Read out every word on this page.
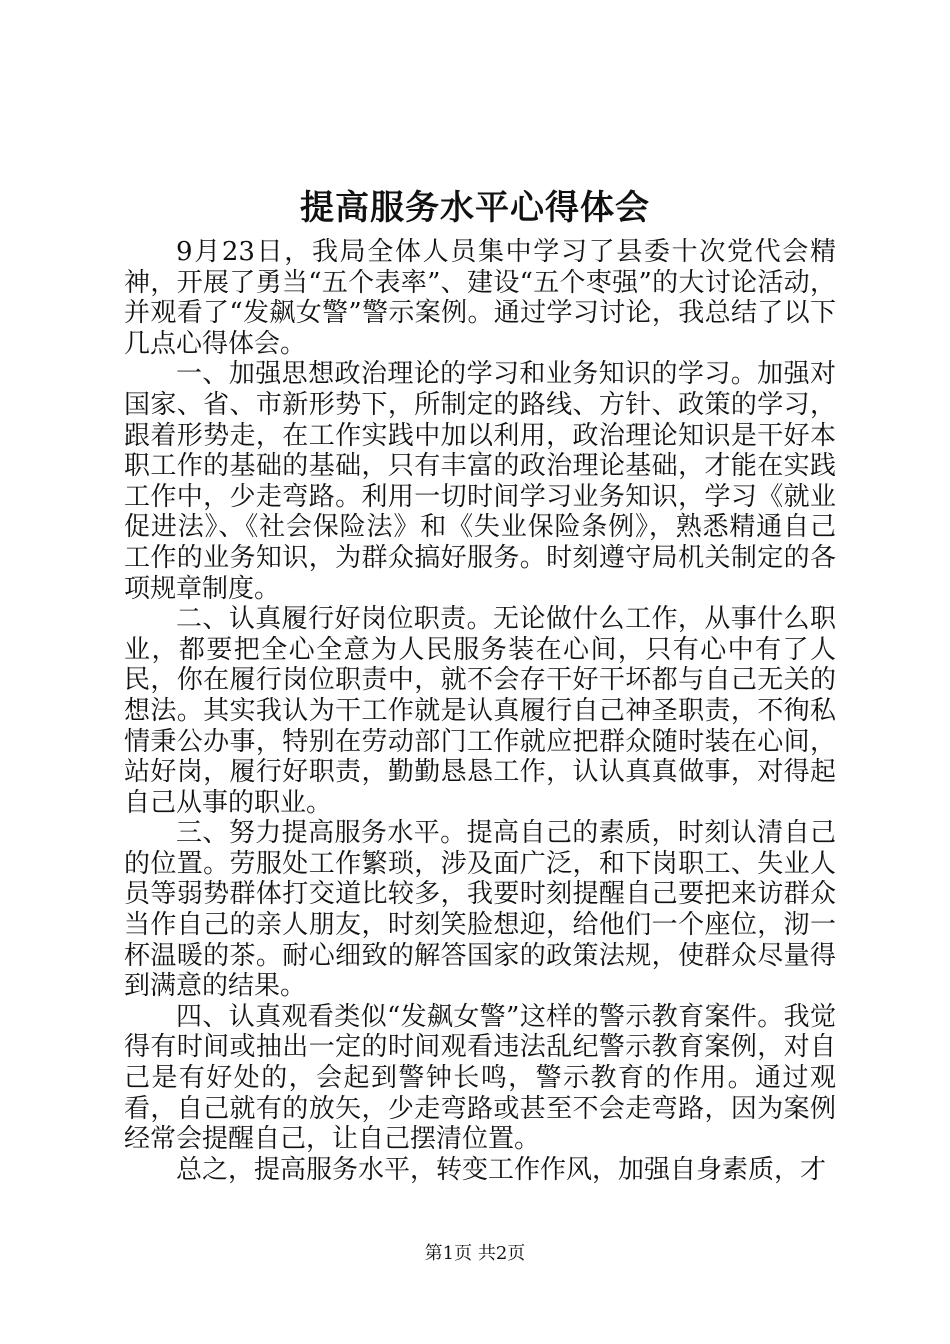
提高服务水平心得体会

9月23日，我局全体人员集中学习了县委十次党代会精神，开展了勇当“五个表率”、建设“五个枣强”的大讨论活动，并观看了“发飙女警”警示案例。通过学习讨论，我总结了以下几点心得体会。

一、加强思想政治理论的学习和业务知识的学习。加强对国家、省、市新形势下，所制定的路线、方针、政策的学习，跟着形势走，在工作实践中加以利用，政治理论知识是干好本职工作的基础的基础，只有丰富的政治理论基础，才能在实践工作中，少走弯路。利用一切时间学习业务知识，学习《就业促进法》、《社会保险法》和《失业保险条例》，熟悉精通自己工作的业务知识，为群众搞好服务。时刻遵守局机关制定的各项规章制度。

二、认真履行好岗位职责。无论做什么工作，从事什么职业，都要把全心全意为人民服务装在心间，只有心中有了人民，你在履行岗位职责中，就不会存干好干坏都与自己无关的想法。其实我认为干工作就是认真履行自己神圣职责，不徇私情秉公办事，特别在劳动部门工作就应把群众随时装在心间，站好岗，履行好职责，勤勤恳恳工作，认认真真做事，对得起自己从事的职业。

三、努力提高服务水平。提高自己的素质，时刻认清自己的位置。劳服处工作繁琐，涉及面广泛，和下岗职工、失业人员等弱势群体打交道比较多，我要时刻提醒自己要把来访群众当作自己的亲人朋友，时刻笑脸想迎，给他们一个座位，沏一杯温暖的茶。耐心细致的解答国家的政策法规，使群众尽量得到满意的结果。

四、认真观看类似“发飙女警”这样的警示教育案件。我觉得有时间或抽出一定的时间观看违法乱纪警示教育案例，对自己是有好处的，会起到警钟长鸣，警示教育的作用。通过观看，自己就有的放矢，少走弯路或甚至不会走弯路，因为案例经常会提醒自己，让自己摆清位置。

总之，提高服务水平，转变工作作风，加强自身素质，才

第1页 共2页
